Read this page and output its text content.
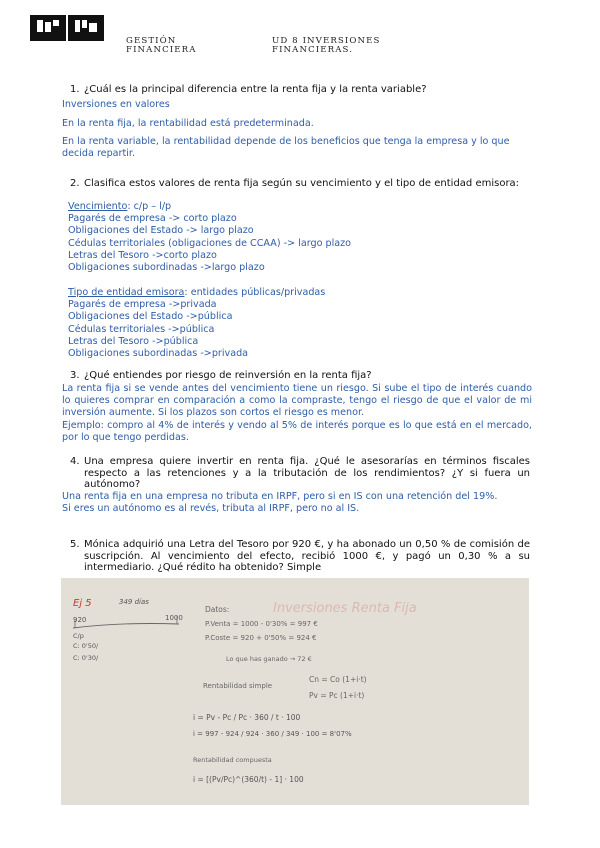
GESTIÓN
FINANCIERA
UD 8 INVERSIONES
FINANCIERAS.
1. ¿Cuál es la principal diferencia entre la renta fija y la renta variable?
Inversiones en valores
En la renta fija, la rentabilidad está predeterminada.
En la renta variable, la rentabilidad depende de los beneficios que tenga la empresa y lo que decida repartir.
2. Clasifica estos valores de renta fija según su vencimiento y el tipo de entidad emisora:
Vencimiento: c/p – l/p
Pagarés de empresa -> corto plazo
Obligaciones del Estado -> largo plazo
Cédulas territoriales (obligaciones de CCAA) -> largo plazo
Letras del Tesoro ->corto plazo
Obligaciones subordinadas ->largo plazo
Tipo de entidad emisora: entidades públicas/privadas
Pagarés de empresa ->privada
Obligaciones del Estado ->pública
Cédulas territoriales ->pública
Letras del Tesoro ->pública
Obligaciones subordinadas ->privada
3. ¿Qué entiendes por riesgo de reinversión en la renta fija?
La renta fija si se vende antes del vencimiento tiene un riesgo. Si sube el tipo de interés cuando lo quieres comprar en comparación a como la compraste, tengo el riesgo de que el valor de mi inversión aumente. Si los plazos son cortos el riesgo es menor.
Ejemplo: compro al 4% de interés y vendo al 5% de interés porque es lo que está en el mercado, por lo que tengo perdidas.
4. Una empresa quiere invertir en renta fija. ¿Qué le asesorarías en términos fiscales respecto a las retenciones y a la tributación de los rendimientos? ¿Y si fuera un autónomo?
Una renta fija en una empresa no tributa en IRPF, pero si en IS con una retención del 19%.
Si eres un autónomo es al revés, tributa al IRPF, pero no al IS.
5. Mónica adquirió una Letra del Tesoro por 920 €, y ha abonado un 0,50 % de comisión de suscripción. Al vencimiento del efecto, recibió 1000 €, y pagó un 0,30 % a su intermediario. ¿Qué rédito ha obtenido? Simple
Inversiones Renta Fija
Ej 5	349 días
920	1000
C/p
C: 0'50/
C: 0'30/
Datos:
P.Venta = 1000 - 0'30% = 997 €
P.Coste = 920 + 0'50% = 924 €
Lo que has ganado → 72 €
Rentabilidad simple
Cn = Co (1+i·t)
Pv = Pc (1+i·t)
i = Pv - Pc / Pc · 360 / t · 100
i = 997 - 924 / 924 · 360 / 349 · 100 = 8'07%
Rentabilidad compuesta
i = [(Pv/Pc)^(360/t) - 1] · 100
